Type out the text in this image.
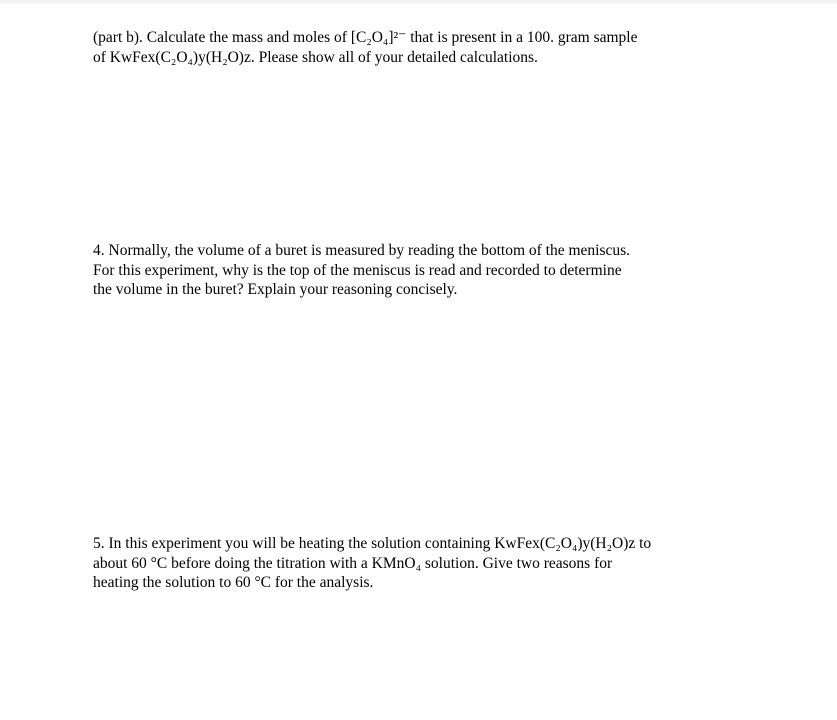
(part b). Calculate the mass and moles of [C₂O₄]²⁻ that is present in a 100. gram sample
of KwFex(C₂O₄)y(H₂O)z. Please show all of your detailed calculations.

4. Normally, the volume of a buret is measured by reading the bottom of the meniscus.
For this experiment, why is the top of the meniscus is read and recorded to determine
the volume in the buret? Explain your reasoning concisely.

5. In this experiment you will be heating the solution containing KwFex(C₂O₄)y(H₂O)z to
about 60 °C before doing the titration with a KMnO₄ solution. Give two reasons for
heating the solution to 60 °C for the analysis.
